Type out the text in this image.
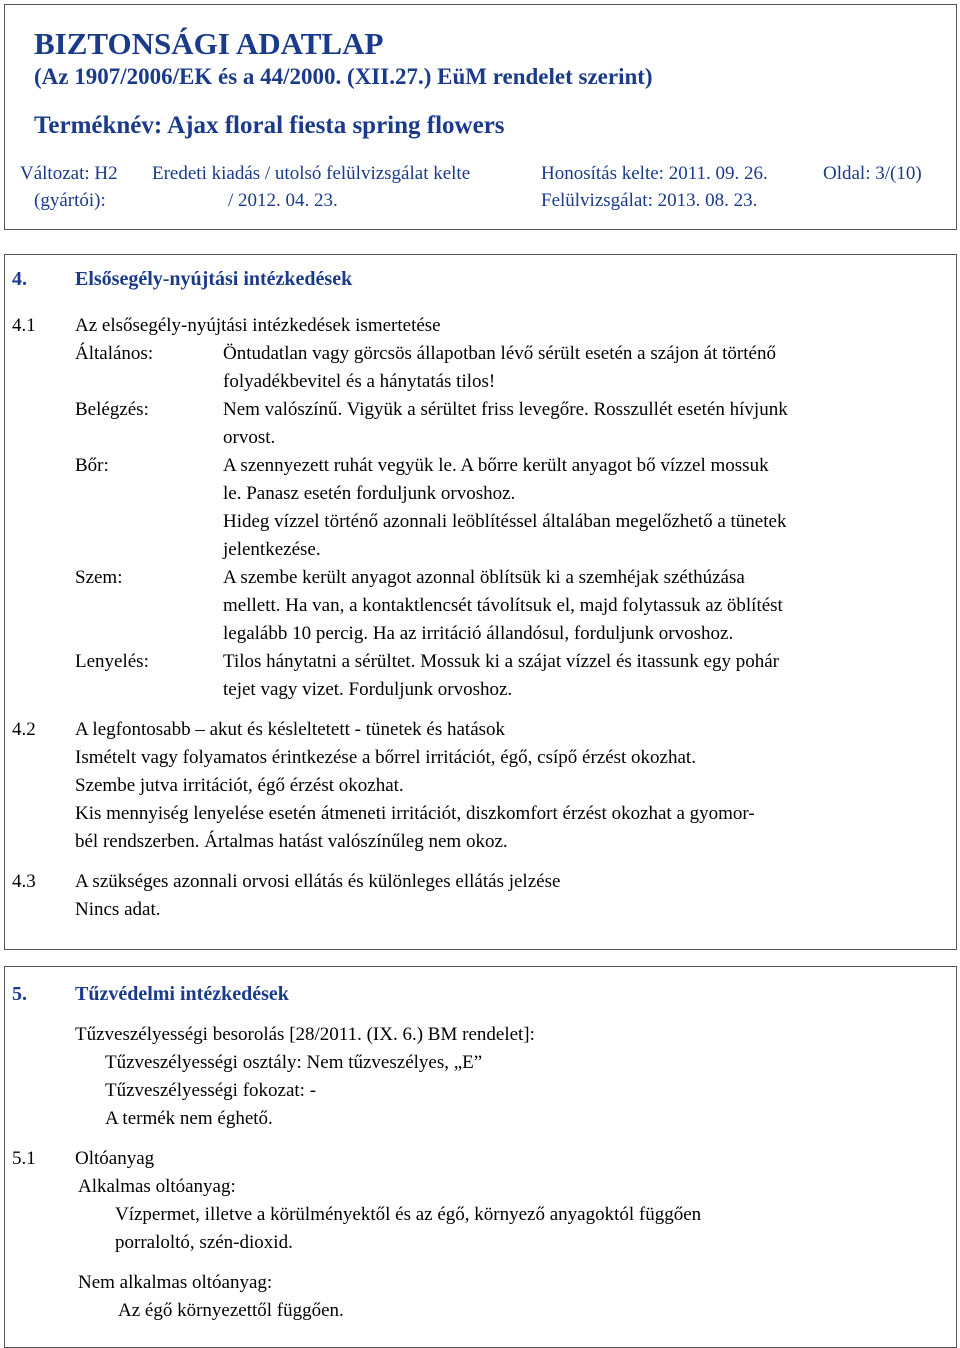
BIZTONSÁGI ADATLAP
(Az 1907/2006/EK és a 44/2000. (XII.27.) EüM rendelet szerint)
Terméknév: Ajax floral fiesta spring flowers
Változat: H2
(gyártói):
Eredeti kiadás / utolsó felülvizsgálat kelte
/ 2012. 04. 23.
Honosítás kelte: 2011. 09. 26.
Felülvizsgálat: 2013. 08. 23.
Oldal: 3/(10)
4. Elsősegély-nyújtási intézkedések
4.1 Az elsősegély-nyújtási intézkedések ismertetése
Általános:	Öntudatlan vagy görcsös állapotban lévő sérült esetén a szájon át történő
folyadékbevitel és a hánytatás tilos!
Belégzés:	Nem valószínű. Vigyük a sérültet friss levegőre. Rosszullét esetén hívjunk
orvost.
Bőr:	A szennyezett ruhát vegyük le. A bőrre került anyagot bő vízzel mossuk
le. Panasz esetén forduljunk orvoshoz.
Hideg vízzel történő azonnali leöblítéssel általában megelőzhető a tünetek
jelentkezése.
Szem:	A szembe került anyagot azonnal öblítsük ki a szemhéjak széthúzása
mellett. Ha van, a kontaktlencsét távolítsuk el, majd folytassuk az öblítést
legalább 10 percig. Ha az irritáció állandósul, forduljunk orvoshoz.
Lenyelés:	Tilos hánytatni a sérültet. Mossuk ki a szájat vízzel és itassunk egy pohár
tejet vagy vizet. Forduljunk orvoshoz.
4.2 A legfontosabb – akut és késleltetett - tünetek és hatások
Ismételt vagy folyamatos érintkezése a bőrrel irritációt, égő, csípő érzést okozhat.
Szembe jutva irritációt, égő érzést okozhat.
Kis mennyiség lenyelése esetén átmeneti irritációt, diszkomfort érzést okozhat a gyomor-
bél rendszerben. Ártalmas hatást valószínűleg nem okoz.
4.3 A szükséges azonnali orvosi ellátás és különleges ellátás jelzése
Nincs adat.
5. Tűzvédelmi intézkedések
Tűzveszélyességi besorolás [28/2011. (IX. 6.) BM rendelet]:
Tűzveszélyességi osztály: Nem tűzveszélyes, „E”
Tűzveszélyességi fokozat: -
A termék nem éghető.
5.1 Oltóanyag
Alkalmas oltóanyag:
Vízpermet, illetve a körülményektől és az égő, környező anyagoktól függően
porraloltó, szén-dioxid.
Nem alkalmas oltóanyag:
Az égő környezettől függően.
